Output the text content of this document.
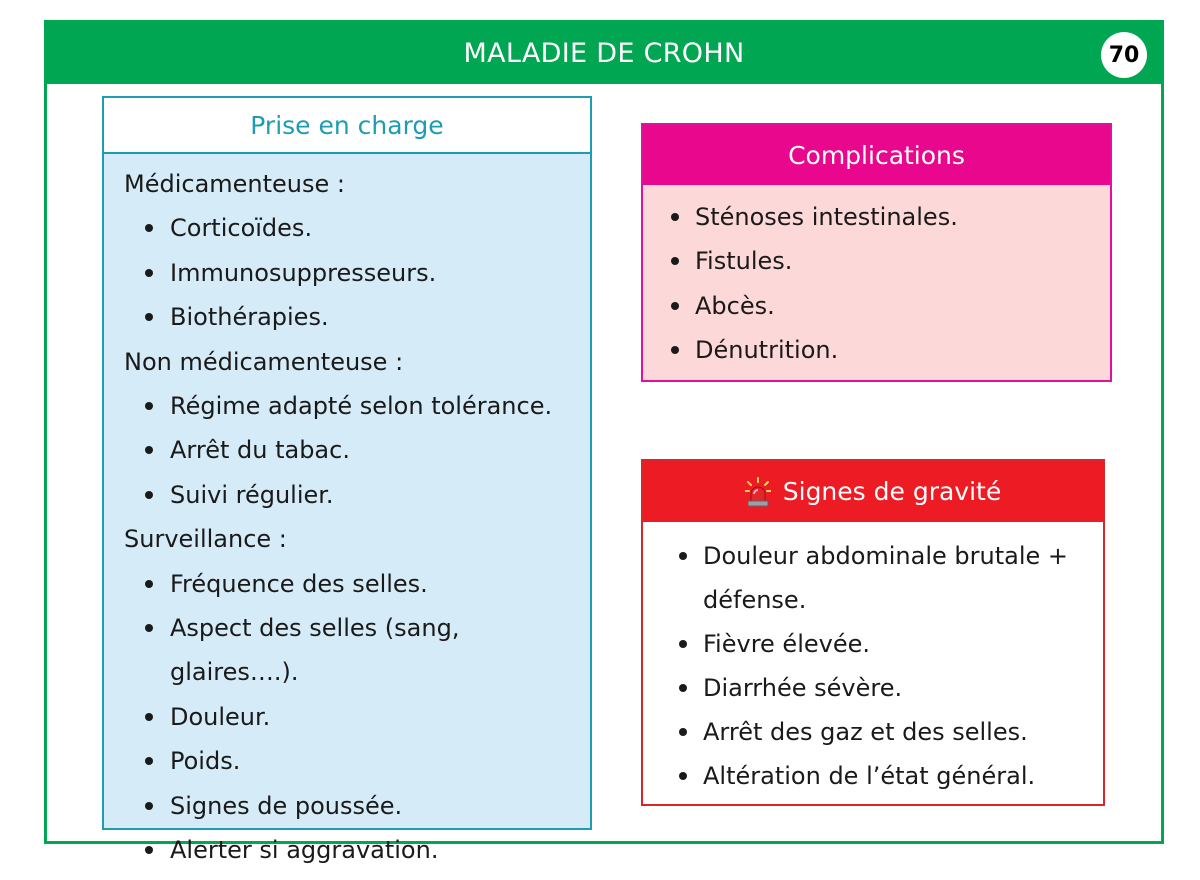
MALADIE DE CROHN	70
Prise en charge
Médicamenteuse :
Corticoïdes.
Immunosuppresseurs.
Biothérapies.
Non médicamenteuse :
Régime adapté selon tolérance.
Arrêt du tabac.
Suivi régulier.
Surveillance :
Fréquence des selles.
Aspect des selles (sang, glaires….).
Douleur.
Poids.
Signes de poussée.
Alerter si aggravation.
Complications
Sténoses intestinales.
Fistules.
Abcès.
Dénutrition.
Signes de gravité
Douleur abdominale brutale + défense.
Fièvre élevée.
Diarrhée sévère.
Arrêt des gaz et des selles.
Altération de l’état général.
